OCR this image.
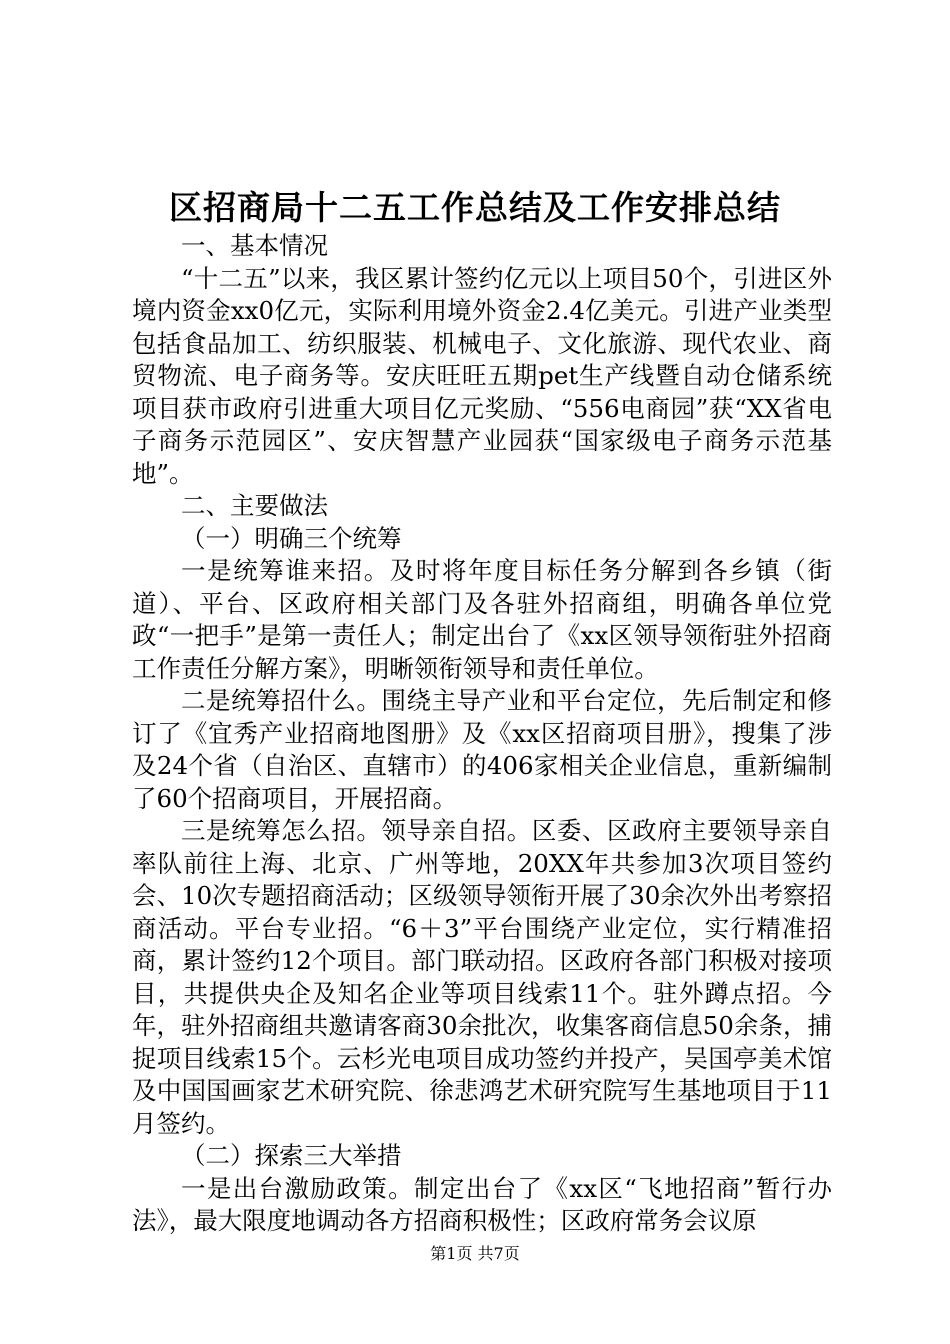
区招商局十二五工作总结及工作安排总结

一、基本情况

“十二五”以来，我区累计签约亿元以上项目50个，引进区外境内资金xx0亿元，实际利用境外资金2.4亿美元。引进产业类型包括食品加工、纺织服装、机械电子、文化旅游、现代农业、商贸物流、电子商务等。安庆旺旺五期pet生产线暨自动仓储系统项目获市政府引进重大项目亿元奖励、“556电商园”获“XX省电子商务示范园区”、安庆智慧产业园获“国家级电子商务示范基地”。

二、主要做法

（一）明确三个统筹

一是统筹谁来招。及时将年度目标任务分解到各乡镇（街道）、平台、区政府相关部门及各驻外招商组，明确各单位党政“一把手”是第一责任人；制定出台了《xx区领导领衔驻外招商工作责任分解方案》，明晰领衔领导和责任单位。

二是统筹招什么。围绕主导产业和平台定位，先后制定和修订了《宜秀产业招商地图册》及《xx区招商项目册》，搜集了涉及24个省（自治区、直辖市）的406家相关企业信息，重新编制了60个招商项目，开展招商。

三是统筹怎么招。领导亲自招。区委、区政府主要领导亲自率队前往上海、北京、广州等地，20XX年共参加3次项目签约会、10次专题招商活动；区级领导领衔开展了30余次外出考察招商活动。平台专业招。“6＋3”平台围绕产业定位，实行精准招商，累计签约12个项目。部门联动招。区政府各部门积极对接项目，共提供央企及知名企业等项目线索11个。驻外蹲点招。今年，驻外招商组共邀请客商30余批次，收集客商信息50余条，捕捉项目线索15个。云杉光电项目成功签约并投产，吴国亭美术馆及中国国画家艺术研究院、徐悲鸿艺术研究院写生基地项目于11月签约。

（二）探索三大举措

一是出台激励政策。制定出台了《xx区“飞地招商”暂行办法》，最大限度地调动各方招商积极性；区政府常务会议原

第1页 共7页
